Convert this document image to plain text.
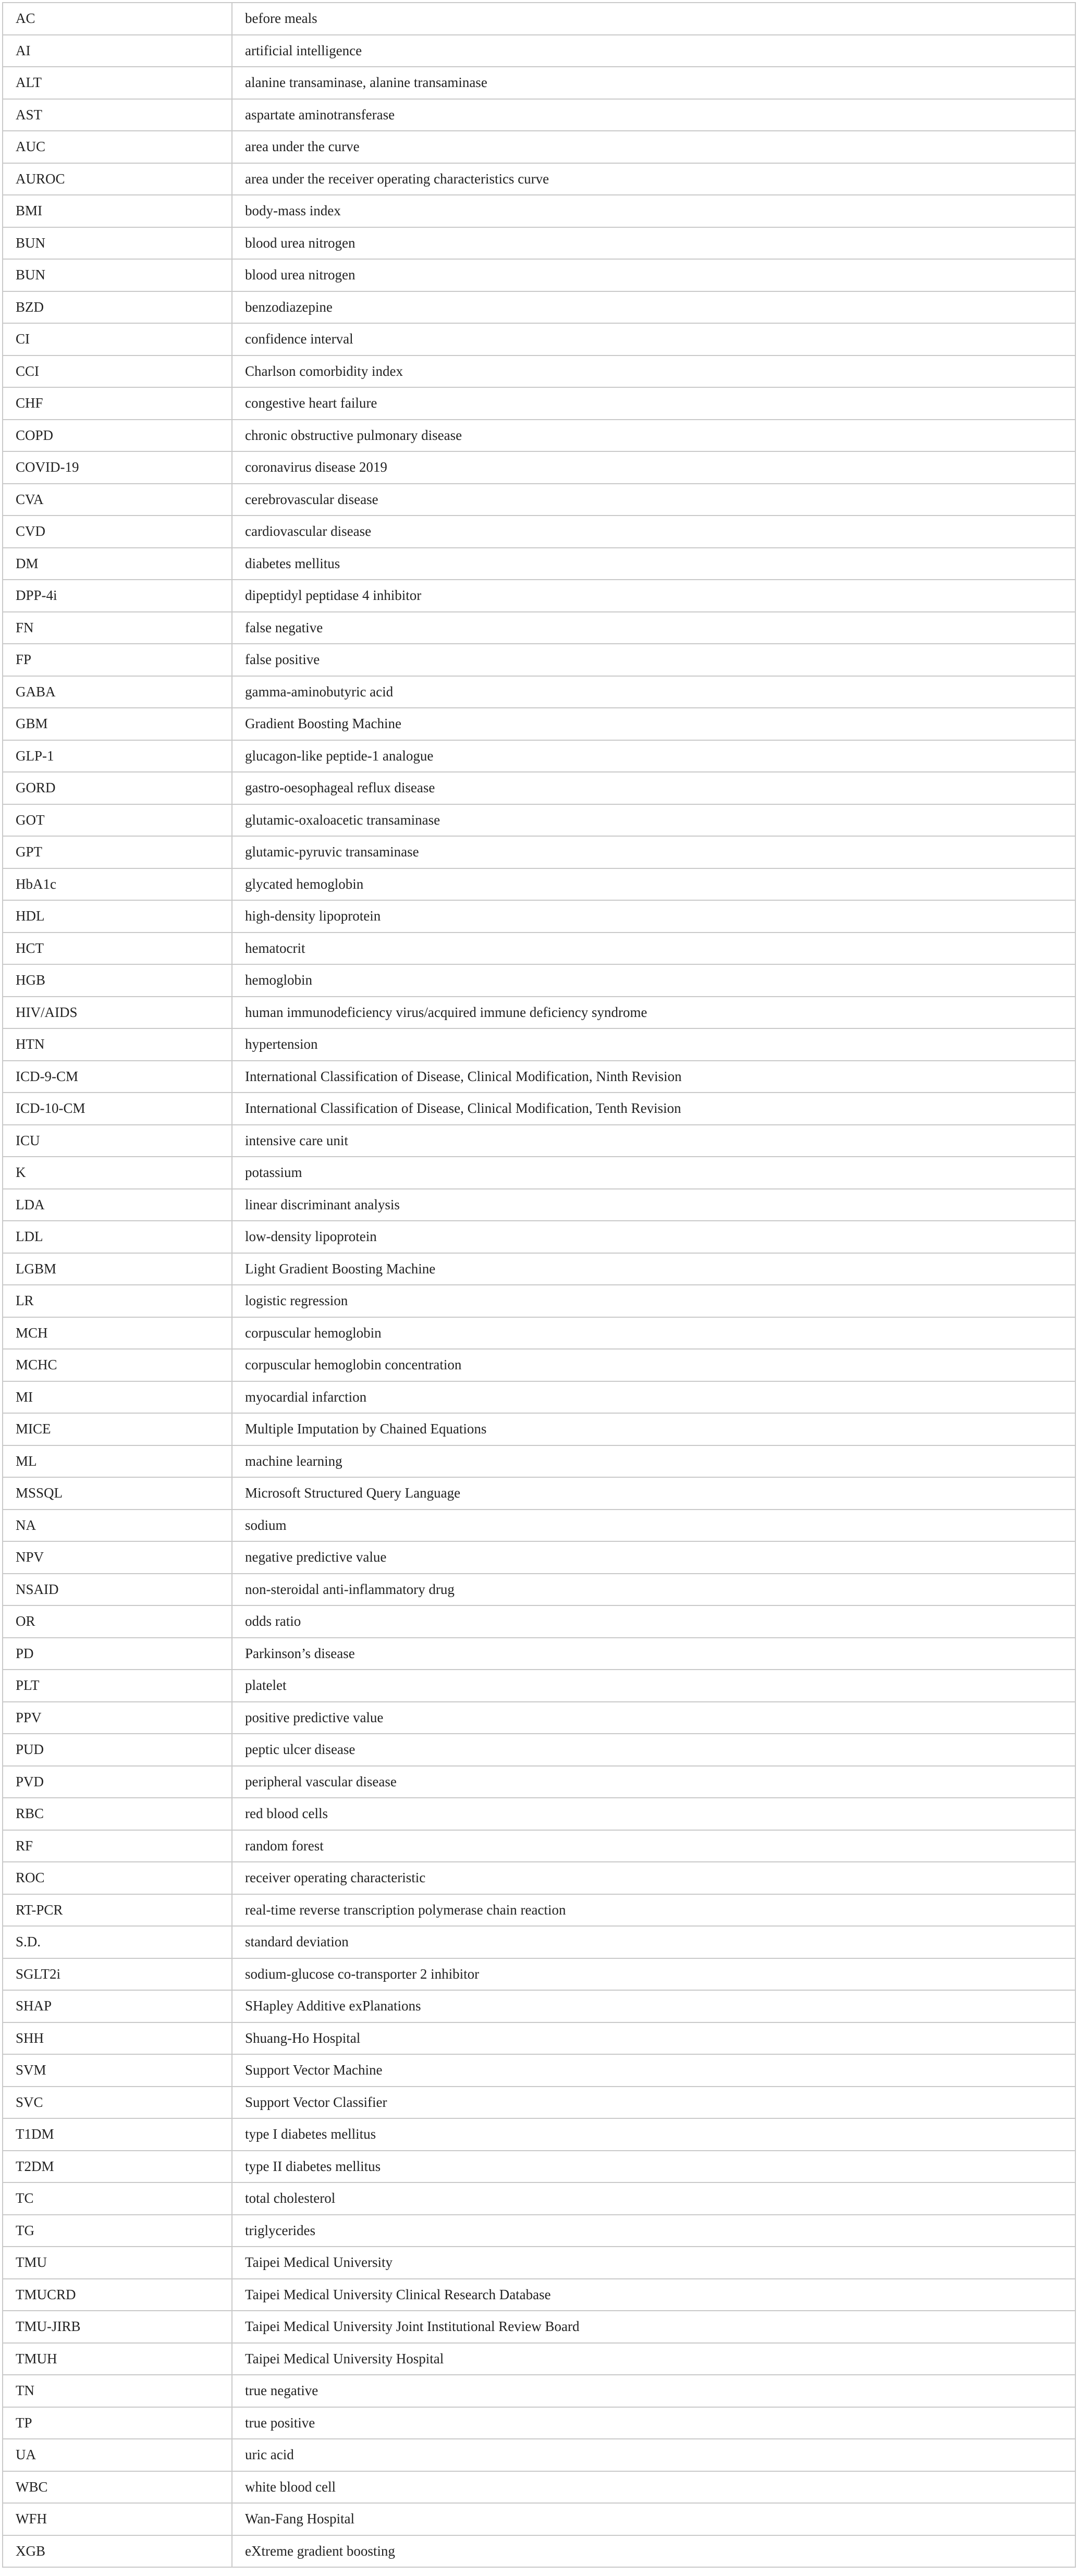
AC	before meals
AI	artificial intelligence
ALT	alanine transaminase, alanine transaminase
AST	aspartate aminotransferase
AUC	area under the curve
AUROC	area under the receiver operating characteristics curve
BMI	body-mass index
BUN	blood urea nitrogen
BUN	blood urea nitrogen
BZD	benzodiazepine
CI	confidence interval
CCI	Charlson comorbidity index
CHF	congestive heart failure
COPD	chronic obstructive pulmonary disease
COVID-19	coronavirus disease 2019
CVA	cerebrovascular disease
CVD	cardiovascular disease
DM	diabetes mellitus
DPP-4i	dipeptidyl peptidase 4 inhibitor
FN	false negative
FP	false positive
GABA	gamma-aminobutyric acid
GBM	Gradient Boosting Machine
GLP-1	glucagon-like peptide-1 analogue
GORD	gastro-oesophageal reflux disease
GOT	glutamic-oxaloacetic transaminase
GPT	glutamic-pyruvic transaminase
HbA1c	glycated hemoglobin
HDL	high-density lipoprotein
HCT	hematocrit
HGB	hemoglobin
HIV/AIDS	human immunodeficiency virus/acquired immune deficiency syndrome
HTN	hypertension
ICD-9-CM	International Classification of Disease, Clinical Modification, Ninth Revision
ICD-10-CM	International Classification of Disease, Clinical Modification, Tenth Revision
ICU	intensive care unit
K	potassium
LDA	linear discriminant analysis
LDL	low-density lipoprotein
LGBM	Light Gradient Boosting Machine
LR	logistic regression
MCH	corpuscular hemoglobin
MCHC	corpuscular hemoglobin concentration
MI	myocardial infarction
MICE	Multiple Imputation by Chained Equations
ML	machine learning
MSSQL	Microsoft Structured Query Language
NA	sodium
NPV	negative predictive value
NSAID	non-steroidal anti-inflammatory drug
OR	odds ratio
PD	Parkinson’s disease
PLT	platelet
PPV	positive predictive value
PUD	peptic ulcer disease
PVD	peripheral vascular disease
RBC	red blood cells
RF	random forest
ROC	receiver operating characteristic
RT-PCR	real-time reverse transcription polymerase chain reaction
S.D.	standard deviation
SGLT2i	sodium-glucose co-transporter 2 inhibitor
SHAP	SHapley Additive exPlanations
SHH	Shuang-Ho Hospital
SVM	Support Vector Machine
SVC	Support Vector Classifier
T1DM	type I diabetes mellitus
T2DM	type II diabetes mellitus
TC	total cholesterol
TG	triglycerides
TMU	Taipei Medical University
TMUCRD	Taipei Medical University Clinical Research Database
TMU-JIRB	Taipei Medical University Joint Institutional Review Board
TMUH	Taipei Medical University Hospital
TN	true negative
TP	true positive
UA	uric acid
WBC	white blood cell
WFH	Wan-Fang Hospital
XGB	eXtreme gradient boosting
